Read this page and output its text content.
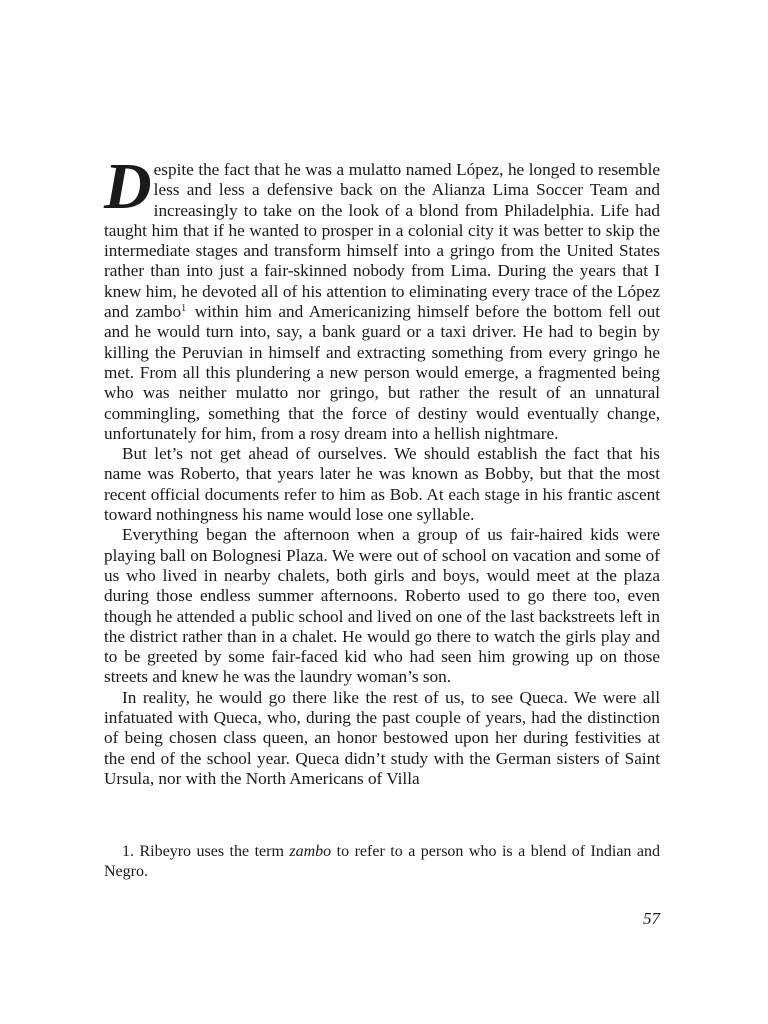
Despite the fact that he was a mulatto named López, he longed to resemble less and less a defensive back on the Alianza Lima Soccer Team and increasingly to take on the look of a blond from Philadelphia. Life had taught him that if he wanted to prosper in a colonial city it was better to skip the intermediate stages and transform himself into a gringo from the United States rather than into just a fair-skinned nobody from Lima. During the years that I knew him, he devoted all of his attention to eliminating every trace of the López and zambo$^1$ within him and Americanizing himself before the bottom fell out and he would turn into, say, a bank guard or a taxi driver. He had to begin by killing the Peruvian in himself and extracting something from every gringo he met. From all this plundering a new person would emerge, a fragmented being who was neither mulatto nor gringo, but rather the result of an unnatural commingling, something that the force of destiny would eventually change, unfortunately for him, from a rosy dream into a hellish nightmare.

But let’s not get ahead of ourselves. We should establish the fact that his name was Roberto, that years later he was known as Bobby, but that the most recent official documents refer to him as Bob. At each stage in his frantic ascent toward nothingness his name would lose one syllable.

Everything began the afternoon when a group of us fair-haired kids were playing ball on Bolognesi Plaza. We were out of school on vacation and some of us who lived in nearby chalets, both girls and boys, would meet at the plaza during those endless summer afternoons. Roberto used to go there too, even though he attended a public school and lived on one of the last backstreets left in the district rather than in a chalet. He would go there to watch the girls play and to be greeted by some fair-faced kid who had seen him growing up on those streets and knew he was the laundry woman’s son.

In reality, he would go there like the rest of us, to see Queca. We were all infatuated with Queca, who, during the past couple of years, had the distinction of being chosen class queen, an honor bestowed upon her during festivities at the end of the school year. Queca didn’t study with the German sisters of Saint Ursula, nor with the North Americans of Villa

1. Ribeyro uses the term zambo to refer to a person who is a blend of Indian and Negro.
57
